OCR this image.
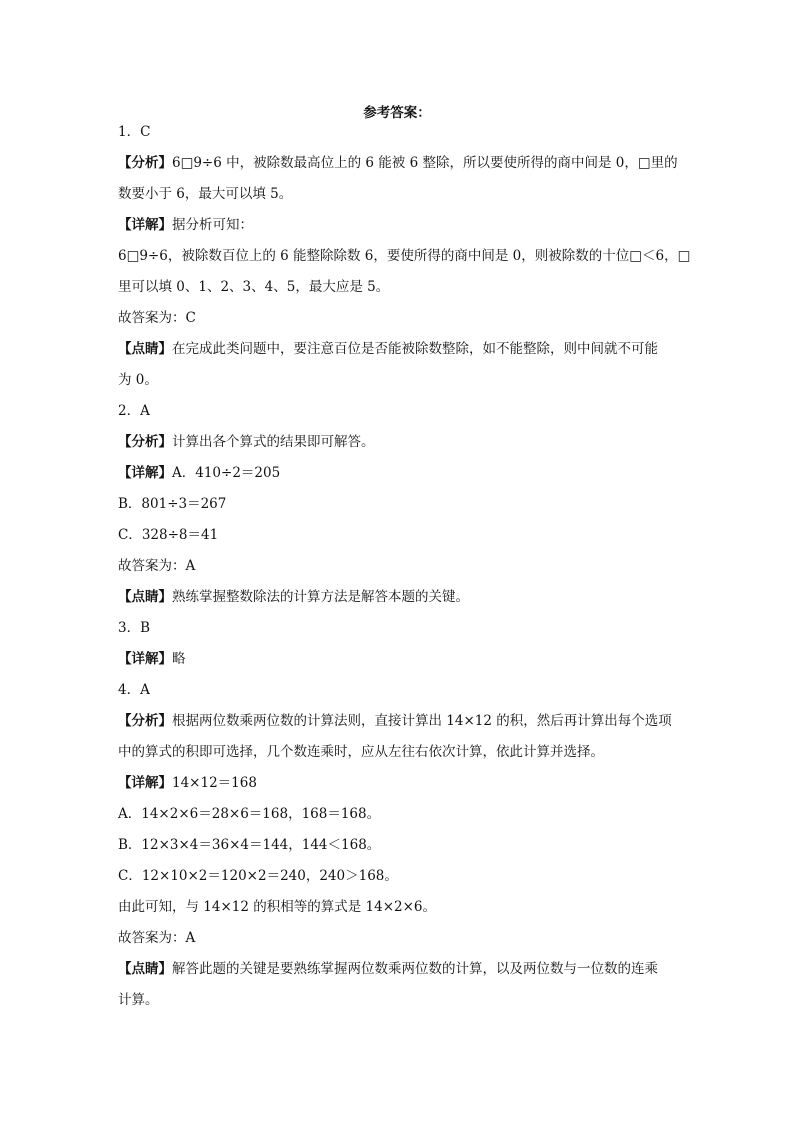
参考答案：
1．C
【分析】6□9÷6 中，被除数最高位上的 6 能被 6 整除，所以要使所得的商中间是 0，□里的
数要小于 6，最大可以填 5。
【详解】据分析可知：
6□9÷6，被除数百位上的 6 能整除除数 6，要使所得的商中间是 0，则被除数的十位□＜6，□
里可以填 0、1、2、3、4、5，最大应是 5。
故答案为：C
【点睛】在完成此类问题中，要注意百位是否能被除数整除，如不能整除，则中间就不可能
为 0。
2．A
【分析】计算出各个算式的结果即可解答。
【详解】A．410÷2＝205
B．801÷3＝267
C．328÷8＝41
故答案为：A
【点睛】熟练掌握整数除法的计算方法是解答本题的关键。
3．B
【详解】略
4．A
【分析】根据两位数乘两位数的计算法则，直接计算出 14×12 的积，然后再计算出每个选项
中的算式的积即可选择，几个数连乘时，应从左往右依次计算，依此计算并选择。
【详解】14×12＝168
A．14×2×6＝28×6＝168，168＝168。
B．12×3×4＝36×4＝144，144＜168。
C．12×10×2＝120×2＝240，240＞168。
由此可知，与 14×12 的积相等的算式是 14×2×6。
故答案为：A
【点睛】解答此题的关键是要熟练掌握两位数乘两位数的计算，以及两位数与一位数的连乘
计算。
